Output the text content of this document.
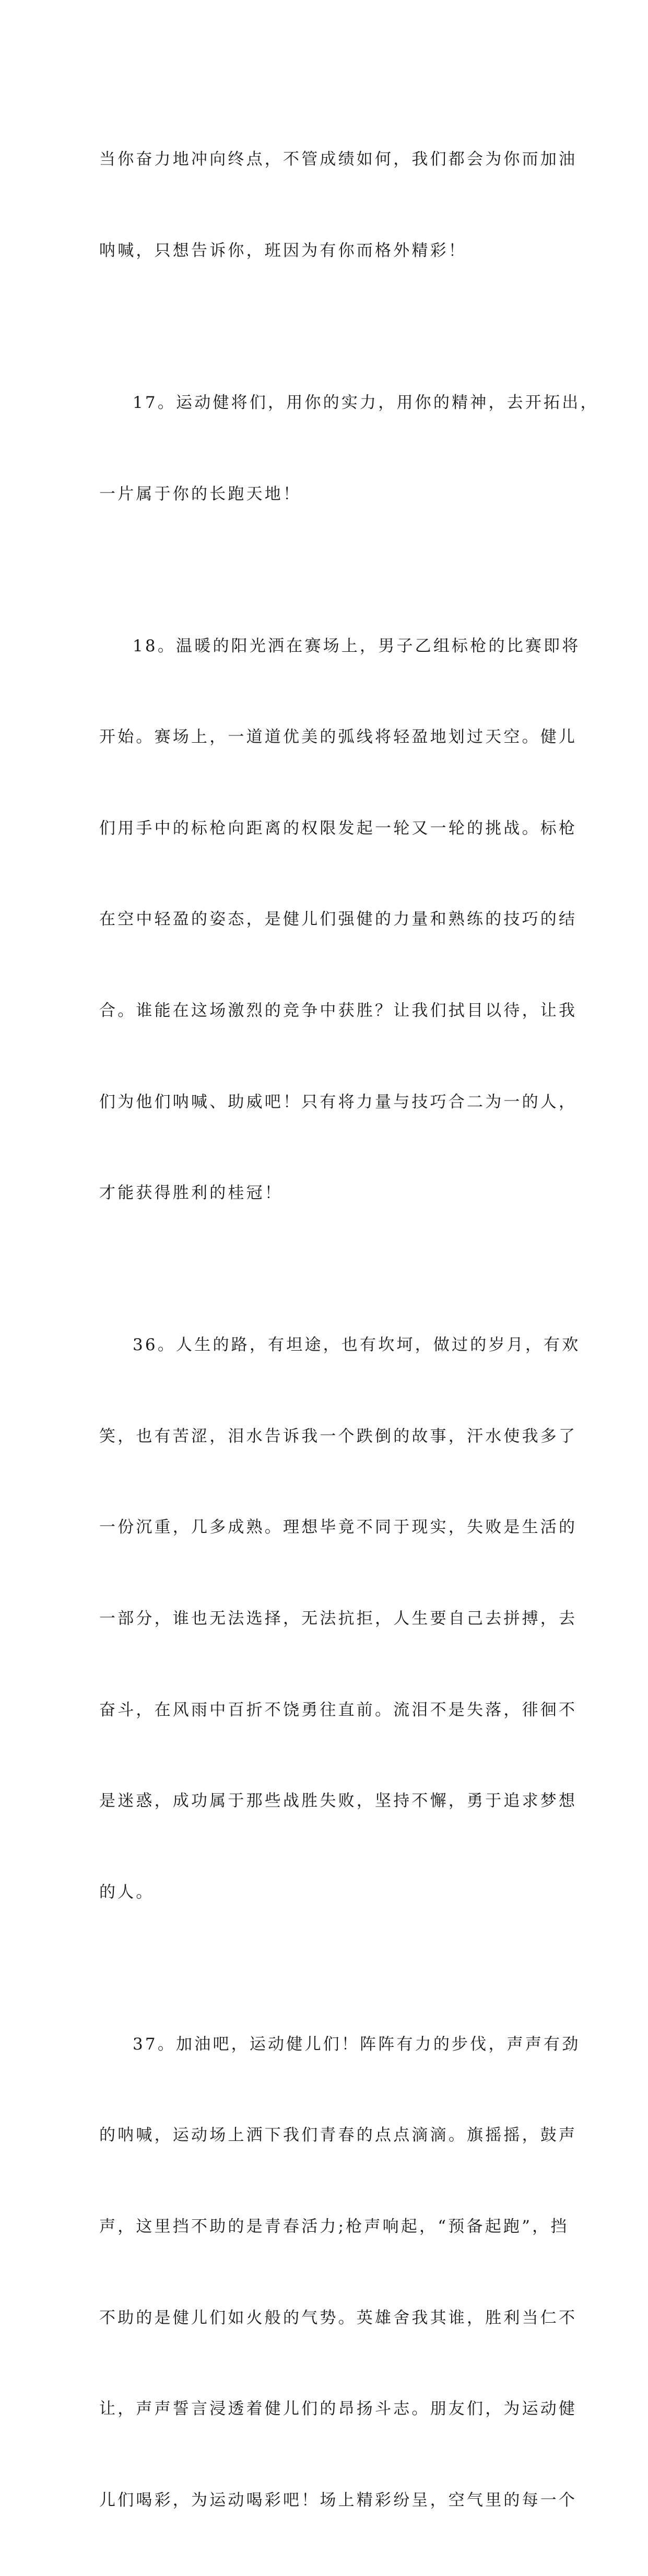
当你奋力地冲向终点，不管成绩如何，我们都会为你而加油

呐喊，只想告诉你，班因为有你而格外精彩！

17。运动健将们，用你的实力，用你的精神，去开拓出，

一片属于你的长跑天地！

18。温暖的阳光洒在赛场上，男子乙组标枪的比赛即将

开始。赛场上，一道道优美的弧线将轻盈地划过天空。健儿

们用手中的标枪向距离的权限发起一轮又一轮的挑战。标枪

在空中轻盈的姿态，是健儿们强健的力量和熟练的技巧的结

合。谁能在这场激烈的竞争中获胜？让我们拭目以待，让我

们为他们呐喊、助威吧！只有将力量与技巧合二为一的人，

才能获得胜利的桂冠！

36。人生的路，有坦途，也有坎坷，做过的岁月，有欢

笑，也有苦涩，泪水告诉我一个跌倒的故事，汗水使我多了

一份沉重，几多成熟。理想毕竟不同于现实，失败是生活的

一部分，谁也无法选择，无法抗拒，人生要自己去拼搏，去

奋斗，在风雨中百折不饶勇往直前。流泪不是失落，徘徊不

是迷惑，成功属于那些战胜失败，坚持不懈，勇于追求梦想

的人。

37。加油吧，运动健儿们！阵阵有力的步伐，声声有劲

的呐喊，运动场上洒下我们青春的点点滴滴。旗摇摇，鼓声

声，这里挡不助的是青春活力;枪声响起，“预备起跑”，挡

不助的是健儿们如火般的气势。英雄舍我其谁，胜利当仁不

让，声声誓言浸透着健儿们的昂扬斗志。朋友们，为运动健

儿们喝彩，为运动喝彩吧！场上精彩纷呈，空气里的每一个
